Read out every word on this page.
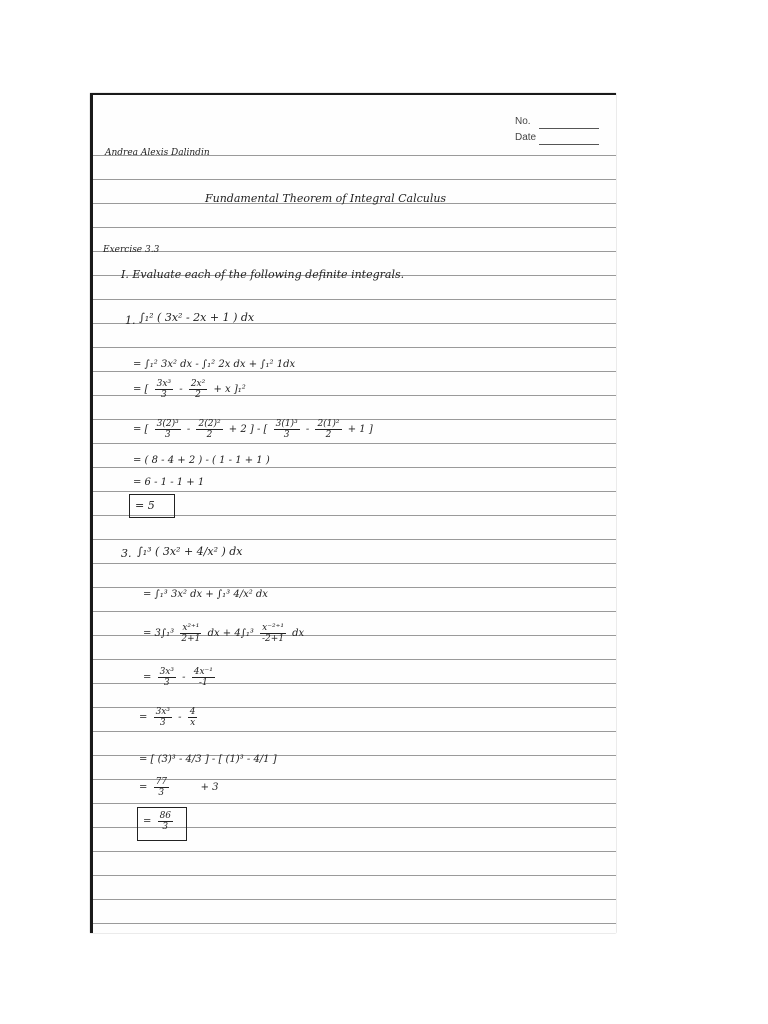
No.
Date
Andrea Alexis Dalindin
Fundamental Theorem of Integral Calculus
Exercise 3.3
I. Evaluate each of the following definite integrals.
1. ∫₁² ( 3x² - 2x + 1 ) dx
= ∫₁² 3x² dx - ∫₁² 2x dx + ∫₁² 1dx
= [ $\frac{\text{3x³}}{3} - \frac{\text{2x²}}{2} + x$ ]₁²
= [ $\frac{\text{3(2)³}}{3} - \frac{\text{2(2)²}}{2} + 2$ ] - [ $\frac{\text{3(1)³}}{3} - \frac{\text{2(1)²}}{2} + 1$ ]
= ( 8 - 4 + 2 ) - ( 1 - 1 + 1 )
= 6 - 1 - 1 + 1
= 5
3. ∫₁³ ( 3x² + 4/x² ) dx
= ∫₁³ 3x² dx + ∫₁³ 4/x² dx
= $3\int_1^3 \frac{\text{x²⁺¹}}{2+1}$ dx + $4\int_1^3 \frac{\text{x⁻²⁺¹}}{-2+1}$ dx
= $\frac{\text{3x³}}{3} - \frac{\text{4x⁻¹}}{-1}$
= $\frac{\text{3x³}}{3} - \frac{4}{x}$
= [ (3)³ - 4/3 ] - [ (1)³ - 4/1 ]
= $\frac{77}{3}$	+ 3
= $\frac{86}{3}$
